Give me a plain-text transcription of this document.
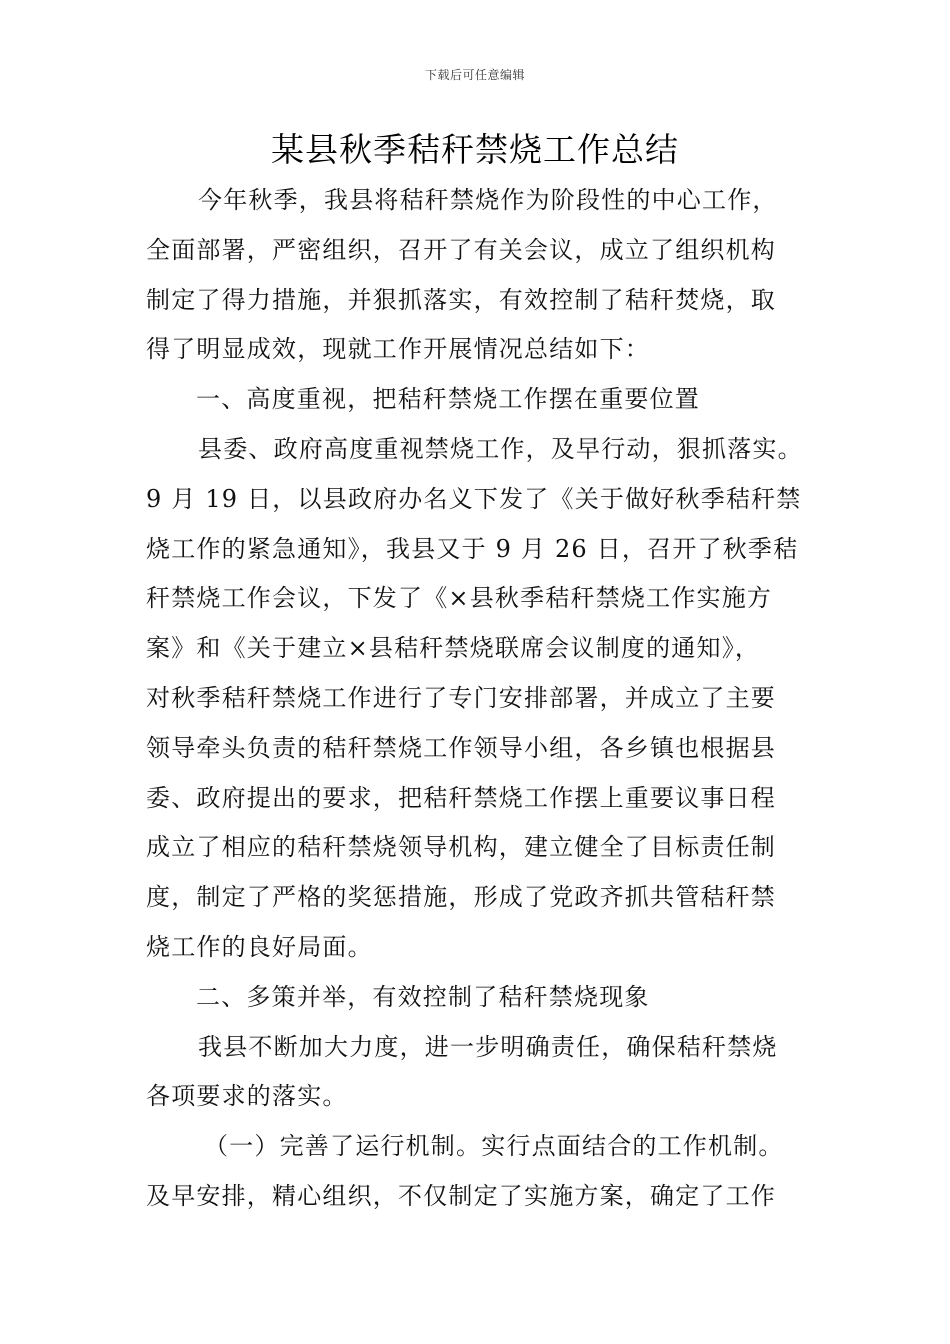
下载后可任意编辑
某县秋季秸秆禁烧工作总结
今年秋季，我县将秸秆禁烧作为阶段性的中心工作，
全面部署，严密组织，召开了有关会议，成立了组织机构
制定了得力措施，并狠抓落实，有效控制了秸秆焚烧，取
得了明显成效，现就工作开展情况总结如下：
一、高度重视，把秸秆禁烧工作摆在重要位置
县委、政府高度重视禁烧工作，及早行动，狠抓落实。
9 月 19 日，以县政府办名义下发了《关于做好秋季秸秆禁
烧工作的紧急通知》，我县又于 9 月 26 日，召开了秋季秸
秆禁烧工作会议，下发了《×县秋季秸秆禁烧工作实施方
案》和《关于建立×县秸秆禁烧联席会议制度的通知》，
对秋季秸秆禁烧工作进行了专门安排部署，并成立了主要
领导牵头负责的秸秆禁烧工作领导小组，各乡镇也根据县
委、政府提出的要求，把秸秆禁烧工作摆上重要议事日程
成立了相应的秸秆禁烧领导机构，建立健全了目标责任制
度，制定了严格的奖惩措施，形成了党政齐抓共管秸秆禁
烧工作的良好局面。
二、多策并举，有效控制了秸秆禁烧现象
我县不断加大力度，进一步明确责任，确保秸秆禁烧
各项要求的落实。
（一）完善了运行机制。实行点面结合的工作机制。
及早安排，精心组织，不仅制定了实施方案，确定了工作
